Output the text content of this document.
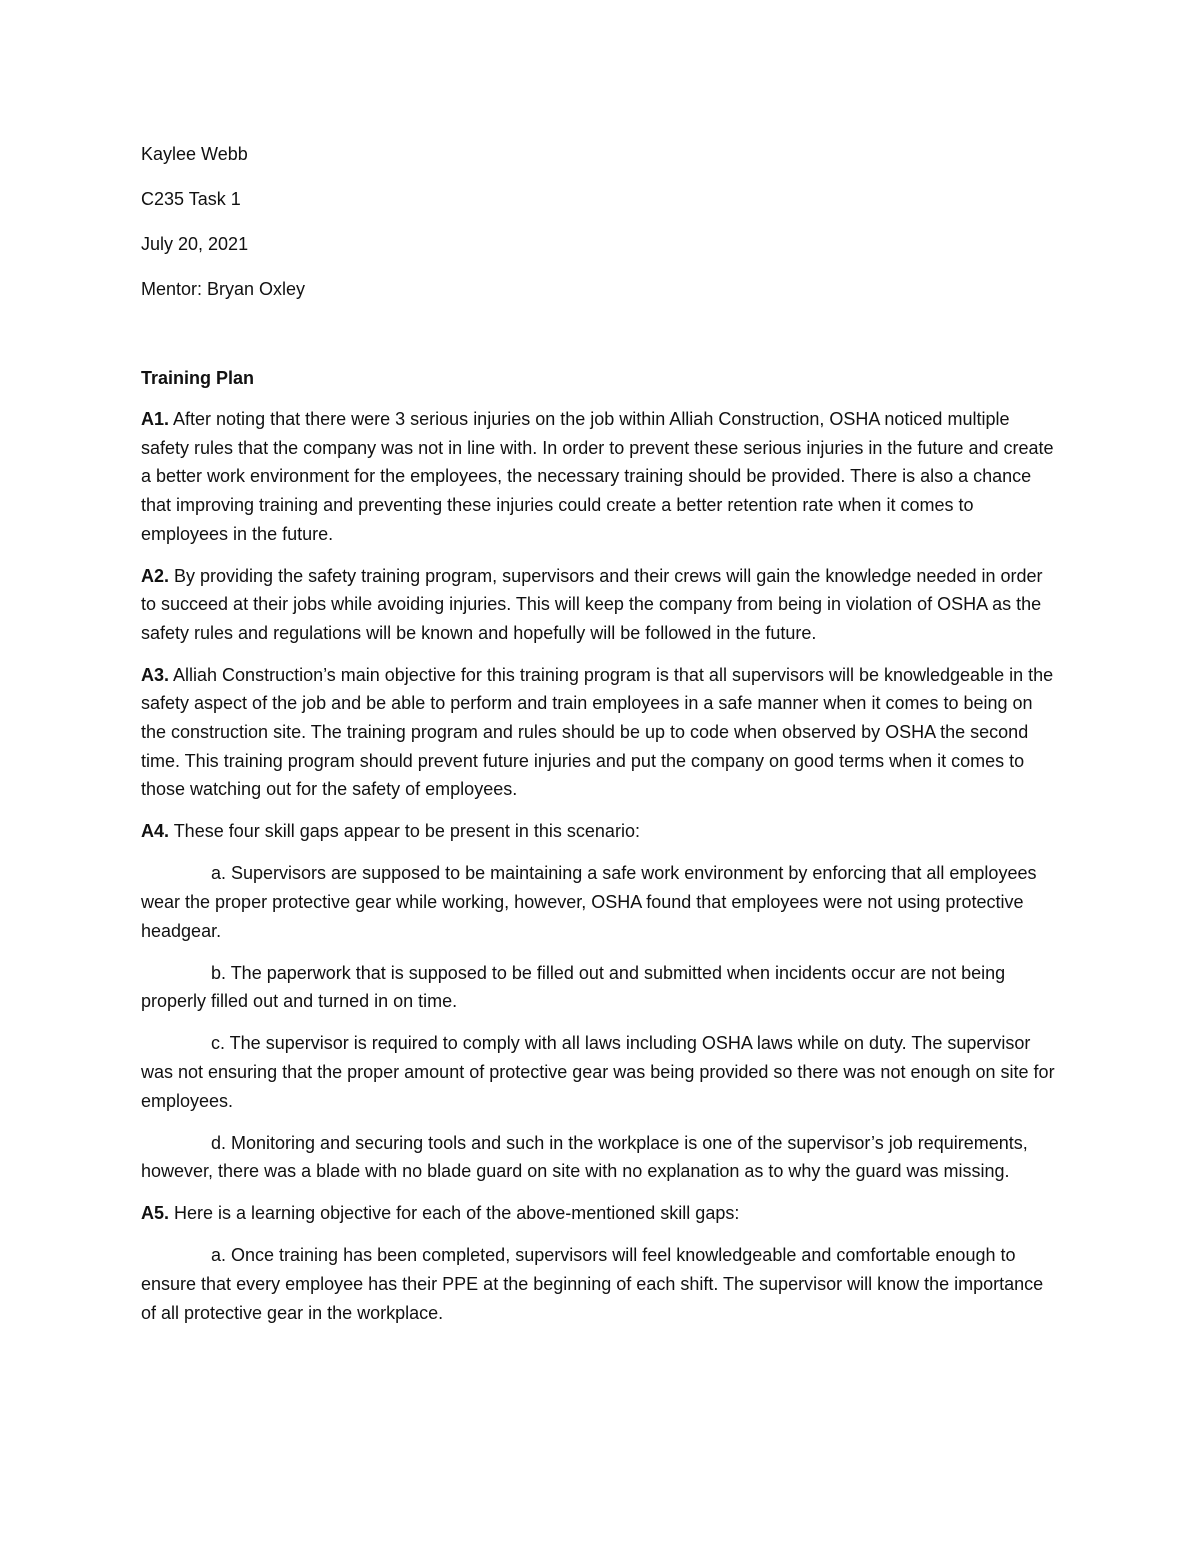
Kaylee Webb
C235 Task 1
July 20, 2021
Mentor: Bryan Oxley
Training Plan

A1. After noting that there were 3 serious injuries on the job within Alliah Construction, OSHA noticed multiple safety rules that the company was not in line with. In order to prevent these serious injuries in the future and create a better work environment for the employees, the necessary training should be provided. There is also a chance that improving training and preventing these injuries could create a better retention rate when it comes to employees in the future.

A2. By providing the safety training program, supervisors and their crews will gain the knowledge needed in order to succeed at their jobs while avoiding injuries. This will keep the company from being in violation of OSHA as the safety rules and regulations will be known and hopefully will be followed in the future.

A3. Alliah Construction’s main objective for this training program is that all supervisors will be knowledgeable in the safety aspect of the job and be able to perform and train employees in a safe manner when it comes to being on the construction site. The training program and rules should be up to code when observed by OSHA the second time. This training program should prevent future injuries and put the company on good terms when it comes to those watching out for the safety of employees.

A4. These four skill gaps appear to be present in this scenario:

a. Supervisors are supposed to be maintaining a safe work environment by enforcing that all employees wear the proper protective gear while working, however, OSHA found that employees were not using protective headgear.

b. The paperwork that is supposed to be filled out and submitted when incidents occur are not being properly filled out and turned in on time.

c. The supervisor is required to comply with all laws including OSHA laws while on duty. The supervisor was not ensuring that the proper amount of protective gear was being provided so there was not enough on site for employees.

d. Monitoring and securing tools and such in the workplace is one of the supervisor’s job requirements, however, there was a blade with no blade guard on site with no explanation as to why the guard was missing.

A5. Here is a learning objective for each of the above-mentioned skill gaps:

a. Once training has been completed, supervisors will feel knowledgeable and comfortable enough to ensure that every employee has their PPE at the beginning of each shift. The supervisor will know the importance of all protective gear in the workplace.
